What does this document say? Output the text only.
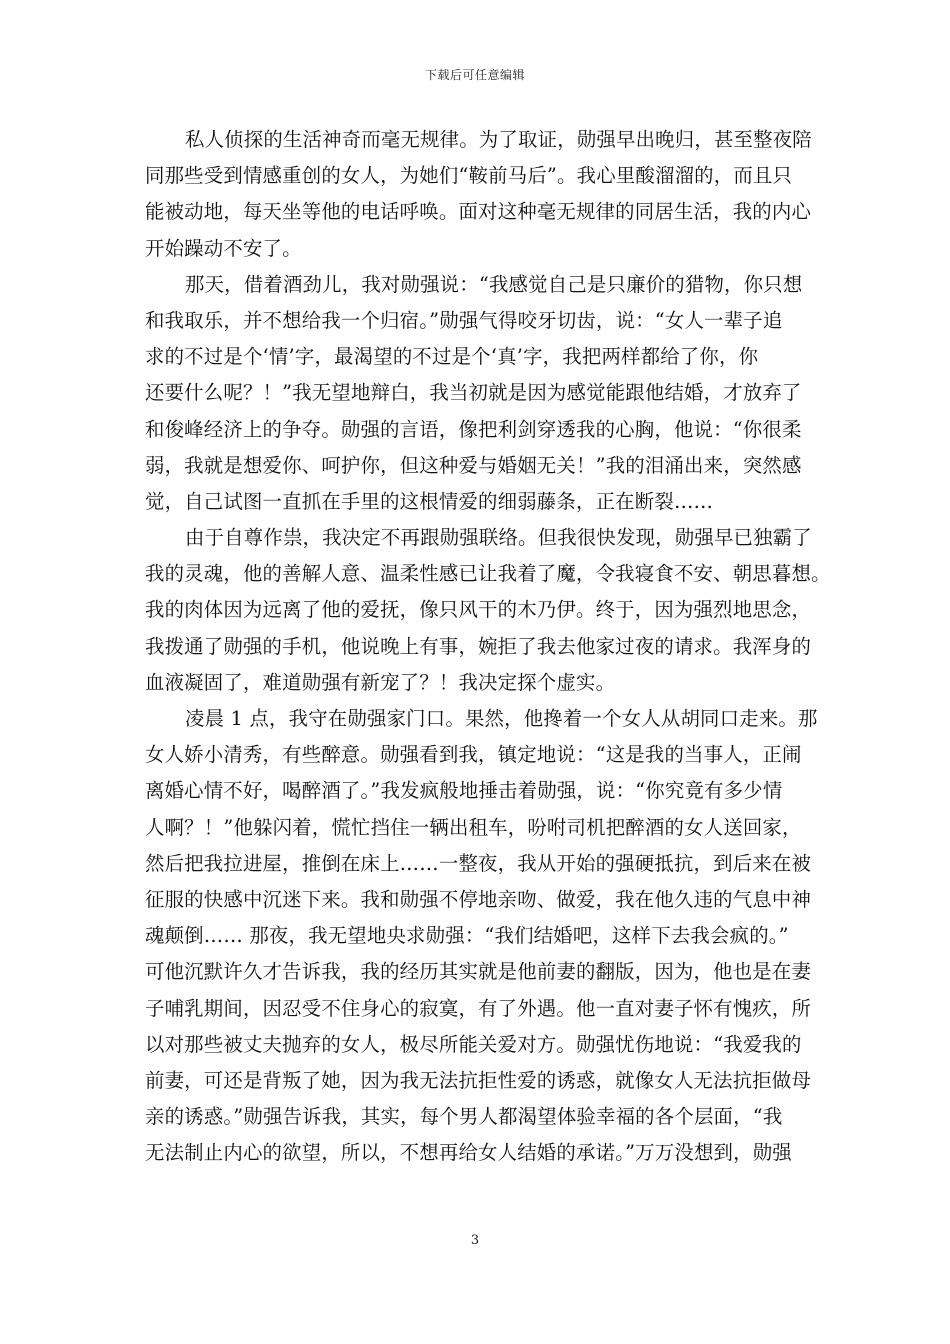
下载后可任意编辑
私人侦探的生活神奇而毫无规律。为了取证，勋强早出晚归，甚至整夜陪
同那些受到情感重创的女人，为她们“鞍前马后”。我心里酸溜溜的，而且只
能被动地，每天坐等他的电话呼唤。面对这种毫无规律的同居生活，我的内心
开始躁动不安了。
那天，借着酒劲儿，我对勋强说：“我感觉自己是只廉价的猎物，你只想
和我取乐，并不想给我一个归宿。”勋强气得咬牙切齿，说：“女人一辈子追
求的不过是个‘情’字，最渴望的不过是个‘真’字，我把两样都给了你，你
还要什么呢？！”我无望地辩白，我当初就是因为感觉能跟他结婚，才放弃了
和俊峰经济上的争夺。勋强的言语，像把利剑穿透我的心胸，他说：“你很柔
弱，我就是想爱你、呵护你，但这种爱与婚姻无关！”我的泪涌出来，突然感
觉，自己试图一直抓在手里的这根情爱的细弱藤条，正在断裂……
由于自尊作祟，我决定不再跟勋强联络。但我很快发现，勋强早已独霸了
我的灵魂，他的善解人意、温柔性感已让我着了魔，令我寝食不安、朝思暮想。
我的肉体因为远离了他的爱抚，像只风干的木乃伊。终于，因为强烈地思念，
我拨通了勋强的手机，他说晚上有事，婉拒了我去他家过夜的请求。我浑身的
血液凝固了，难道勋强有新宠了？！我决定探个虚实。
凌晨 1 点，我守在勋强家门口。果然，他搀着一个女人从胡同口走来。那
女人娇小清秀，有些醉意。勋强看到我，镇定地说：“这是我的当事人，正闹
离婚心情不好，喝醉酒了。”我发疯般地捶击着勋强，说：“你究竟有多少情
人啊？！”他躲闪着，慌忙挡住一辆出租车，吩咐司机把醉酒的女人送回家，
然后把我拉进屋，推倒在床上……一整夜，我从开始的强硬抵抗，到后来在被
征服的快感中沉迷下来。我和勋强不停地亲吻、做爱，我在他久违的气息中神
魂颠倒…… 那夜，我无望地央求勋强：“我们结婚吧，这样下去我会疯的。”
可他沉默许久才告诉我，我的经历其实就是他前妻的翻版，因为，他也是在妻
子哺乳期间，因忍受不住身心的寂寞，有了外遇。他一直对妻子怀有愧疚，所
以对那些被丈夫抛弃的女人，极尽所能关爱对方。勋强忧伤地说：“我爱我的
前妻，可还是背叛了她，因为我无法抗拒性爱的诱惑，就像女人无法抗拒做母
亲的诱惑。”勋强告诉我，其实，每个男人都渴望体验幸福的各个层面，“我
无法制止内心的欲望，所以，不想再给女人结婚的承诺。”万万没想到，勋强
3
